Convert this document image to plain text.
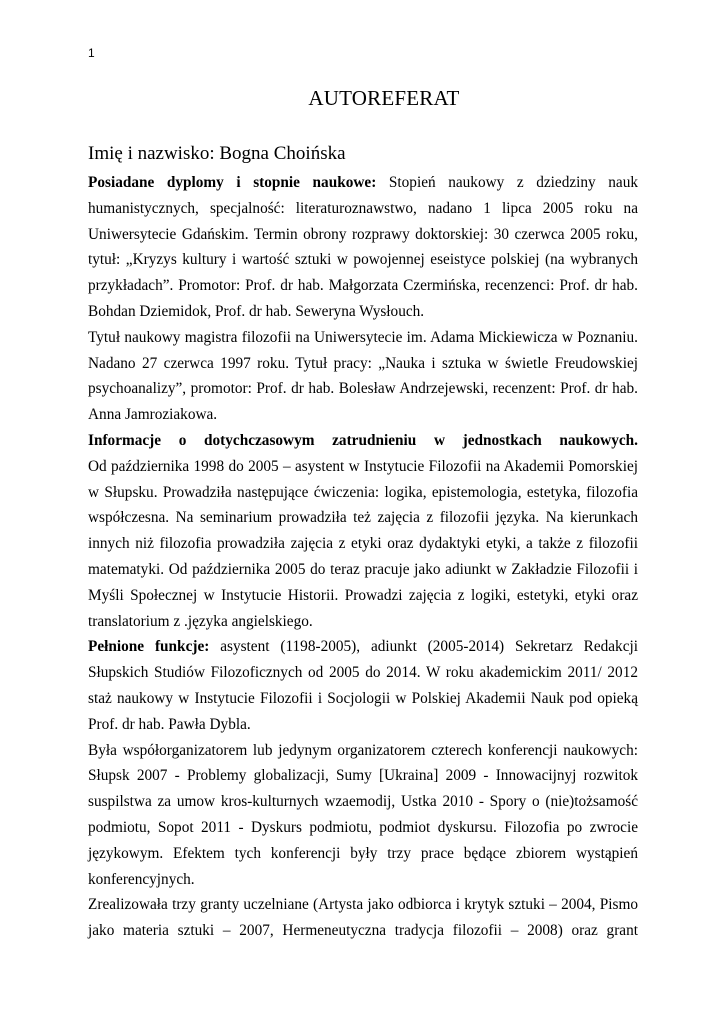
1
AUTOREFERAT
Imię i nazwisko: Bogna Choińska

Posiadane dyplomy i stopnie naukowe: Stopień naukowy z dziedziny nauk humanistycznych, specjalność: literaturoznawstwo, nadano 1 lipca 2005 roku na Uniwersytecie Gdańskim. Termin obrony rozprawy doktorskiej: 30 czerwca 2005 roku, tytuł: „Kryzys kultury i wartość sztuki w powojennej eseistyce polskiej (na wybranych przykładach”. Promotor: Prof. dr hab. Małgorzata Czermińska, recenzenci: Prof. dr hab. Bohdan Dziemidok, Prof. dr hab. Seweryna Wysłouch.

Tytuł naukowy magistra filozofii na Uniwersytecie im. Adama Mickiewicza w Poznaniu. Nadano 27 czerwca 1997 roku. Tytuł pracy: „Nauka i sztuka w świetle Freudowskiej psychoanalizy”, promotor: Prof. dr hab. Bolesław Andrzejewski, recenzent: Prof. dr hab. Anna Jamroziakowa.

Informacje o dotychczasowym zatrudnieniu w jednostkach naukowych.

Od października 1998 do 2005 – asystent w Instytucie Filozofii na Akademii Pomorskiej w Słupsku. Prowadziła następujące ćwiczenia: logika, epistemologia, estetyka, filozofia współczesna. Na seminarium prowadziła też zajęcia z filozofii języka. Na kierunkach innych niż filozofia prowadziła zajęcia z etyki oraz dydaktyki etyki, a także z filozofii matematyki. Od października 2005 do teraz pracuje jako adiunkt w Zakładzie Filozofii i Myśli Społecznej w Instytucie Historii. Prowadzi zajęcia z logiki, estetyki, etyki oraz translatorium z .języka angielskiego.

Pełnione funkcje: asystent (1198-2005), adiunkt (2005-2014) Sekretarz Redakcji Słupskich Studiów Filozoficznych od 2005 do 2014. W roku akademickim 2011/ 2012 staż naukowy w Instytucie Filozofii i Socjologii w Polskiej Akademii Nauk pod opieką Prof. dr hab. Pawła Dybla.

Była współorganizatorem lub jedynym organizatorem czterech konferencji naukowych: Słupsk 2007 - Problemy globalizacji, Sumy [Ukraina] 2009 - Innowacijnyj rozwitok suspilstwa za umow kros-kulturnych wzaemodij, Ustka 2010 - Spory o (nie)tożsamość podmiotu, Sopot 2011 - Dyskurs podmiotu, podmiot dyskursu. Filozofia po zwrocie językowym. Efektem tych konferencji były trzy prace będące zbiorem wystąpień konferencyjnych.

Zrealizowała trzy granty uczelniane (Artysta jako odbiorca i krytyk sztuki – 2004, Pismo jako materia sztuki – 2007, Hermeneutyczna tradycja filozofii – 2008) oraz grant
